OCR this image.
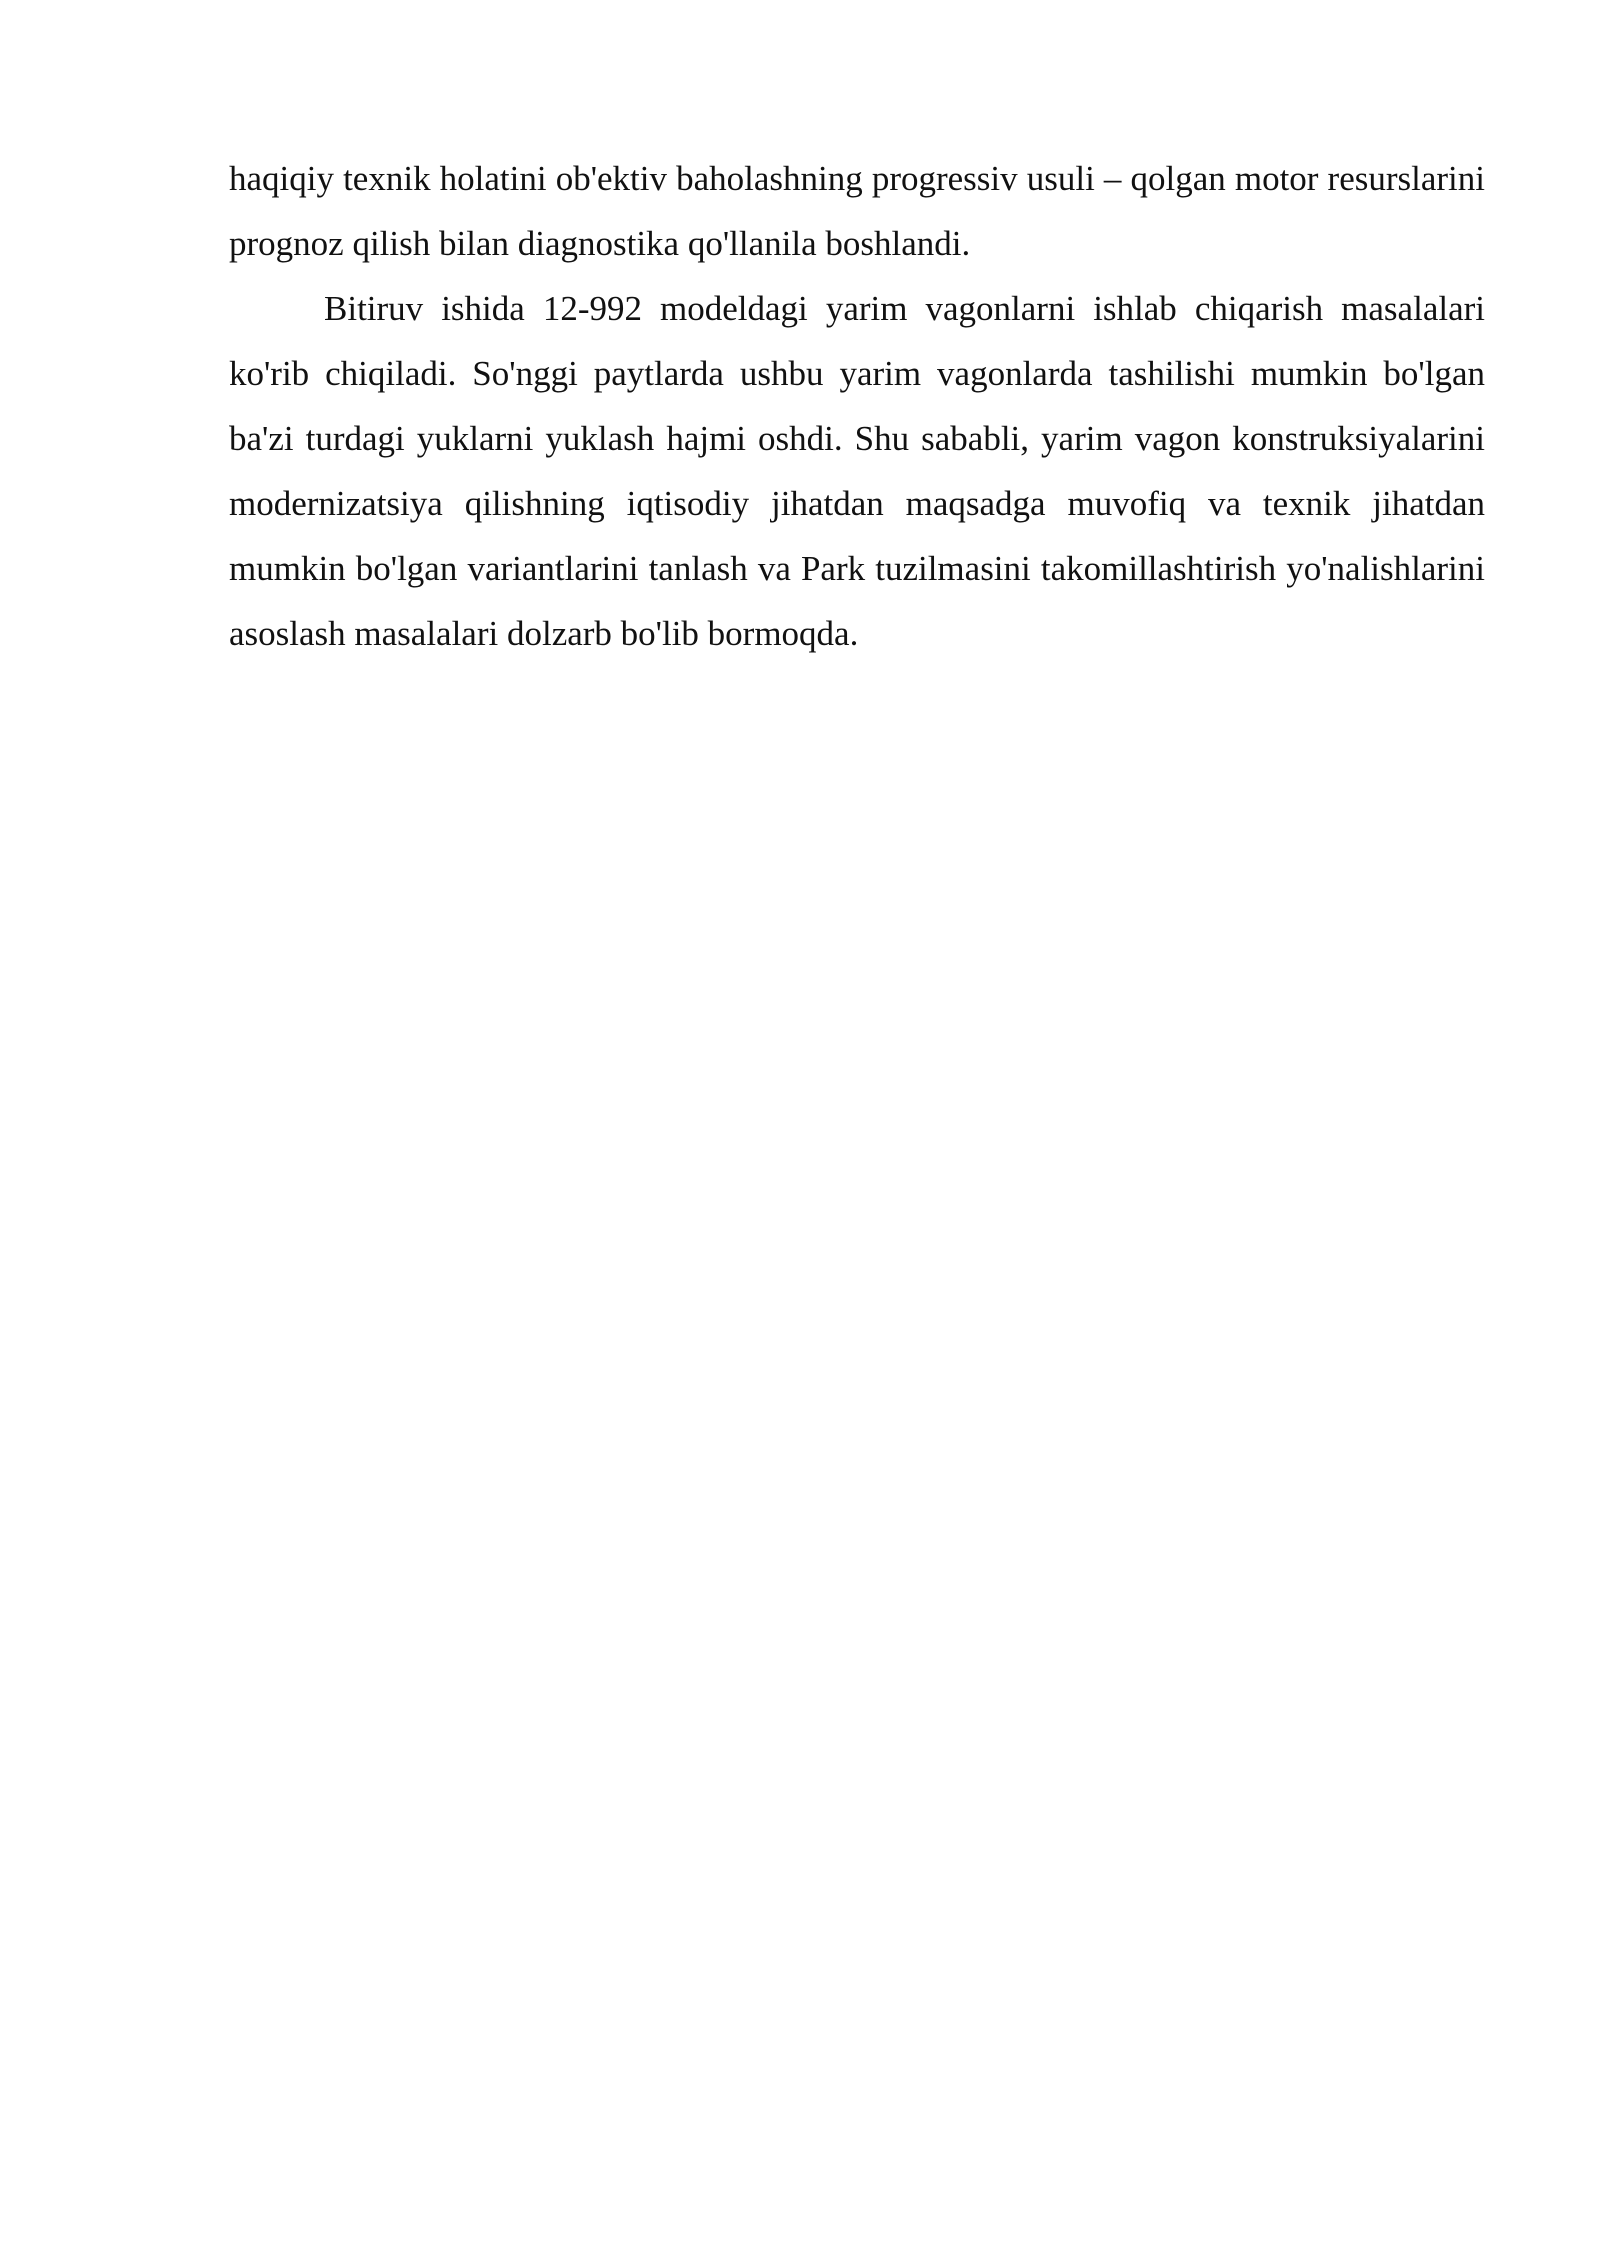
haqiqiy texnik holatini ob'ektiv baholashning progressiv usuli – qolgan motor resurslarini prognoz qilish bilan diagnostika qo'llanila boshlandi.

Bitiruv ishida 12-992 modeldagi yarim vagonlarni ishlab chiqarish masalalari ko'rib chiqiladi. So'nggi paytlarda ushbu yarim vagonlarda tashilishi mumkin bo'lgan ba'zi turdagi yuklarni yuklash hajmi oshdi. Shu sababli, yarim vagon konstruksiyalarini modernizatsiya qilishning iqtisodiy jihatdan maqsadga muvofiq va texnik jihatdan mumkin bo'lgan variantlarini tanlash va Park tuzilmasini takomillashtirish yo'nalishlarini asoslash masalalari dolzarb bo'lib bormoqda.
